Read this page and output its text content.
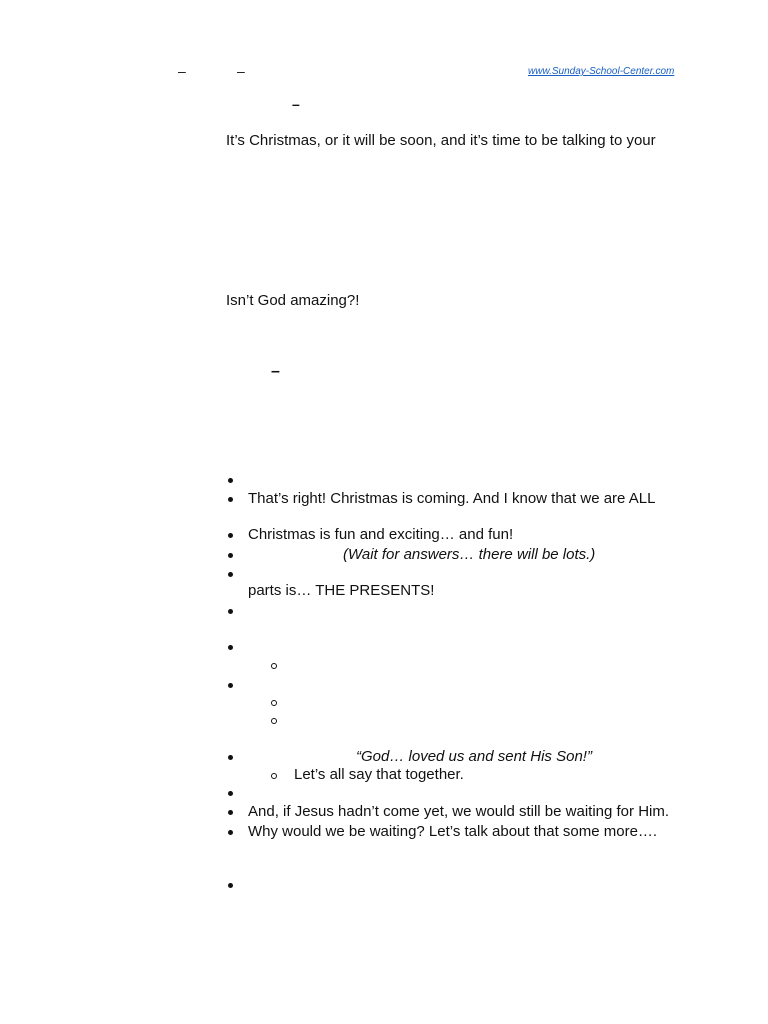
–	–	www.Sunday-School-Center.com
–
It’s Christmas, or it will be soon, and it’s time to be talking to your
Isn’t God amazing?!
–
That’s right! Christmas is coming. And I know that we are ALL
Christmas is fun and exciting… and fun!
(Wait for answers… there will be lots.)
parts is… THE PRESENTS!
“God… loved us and sent His Son!”
Let’s all say that together.
And, if Jesus hadn’t come yet, we would still be waiting for Him.
Why would we be waiting? Let’s talk about that some more….
